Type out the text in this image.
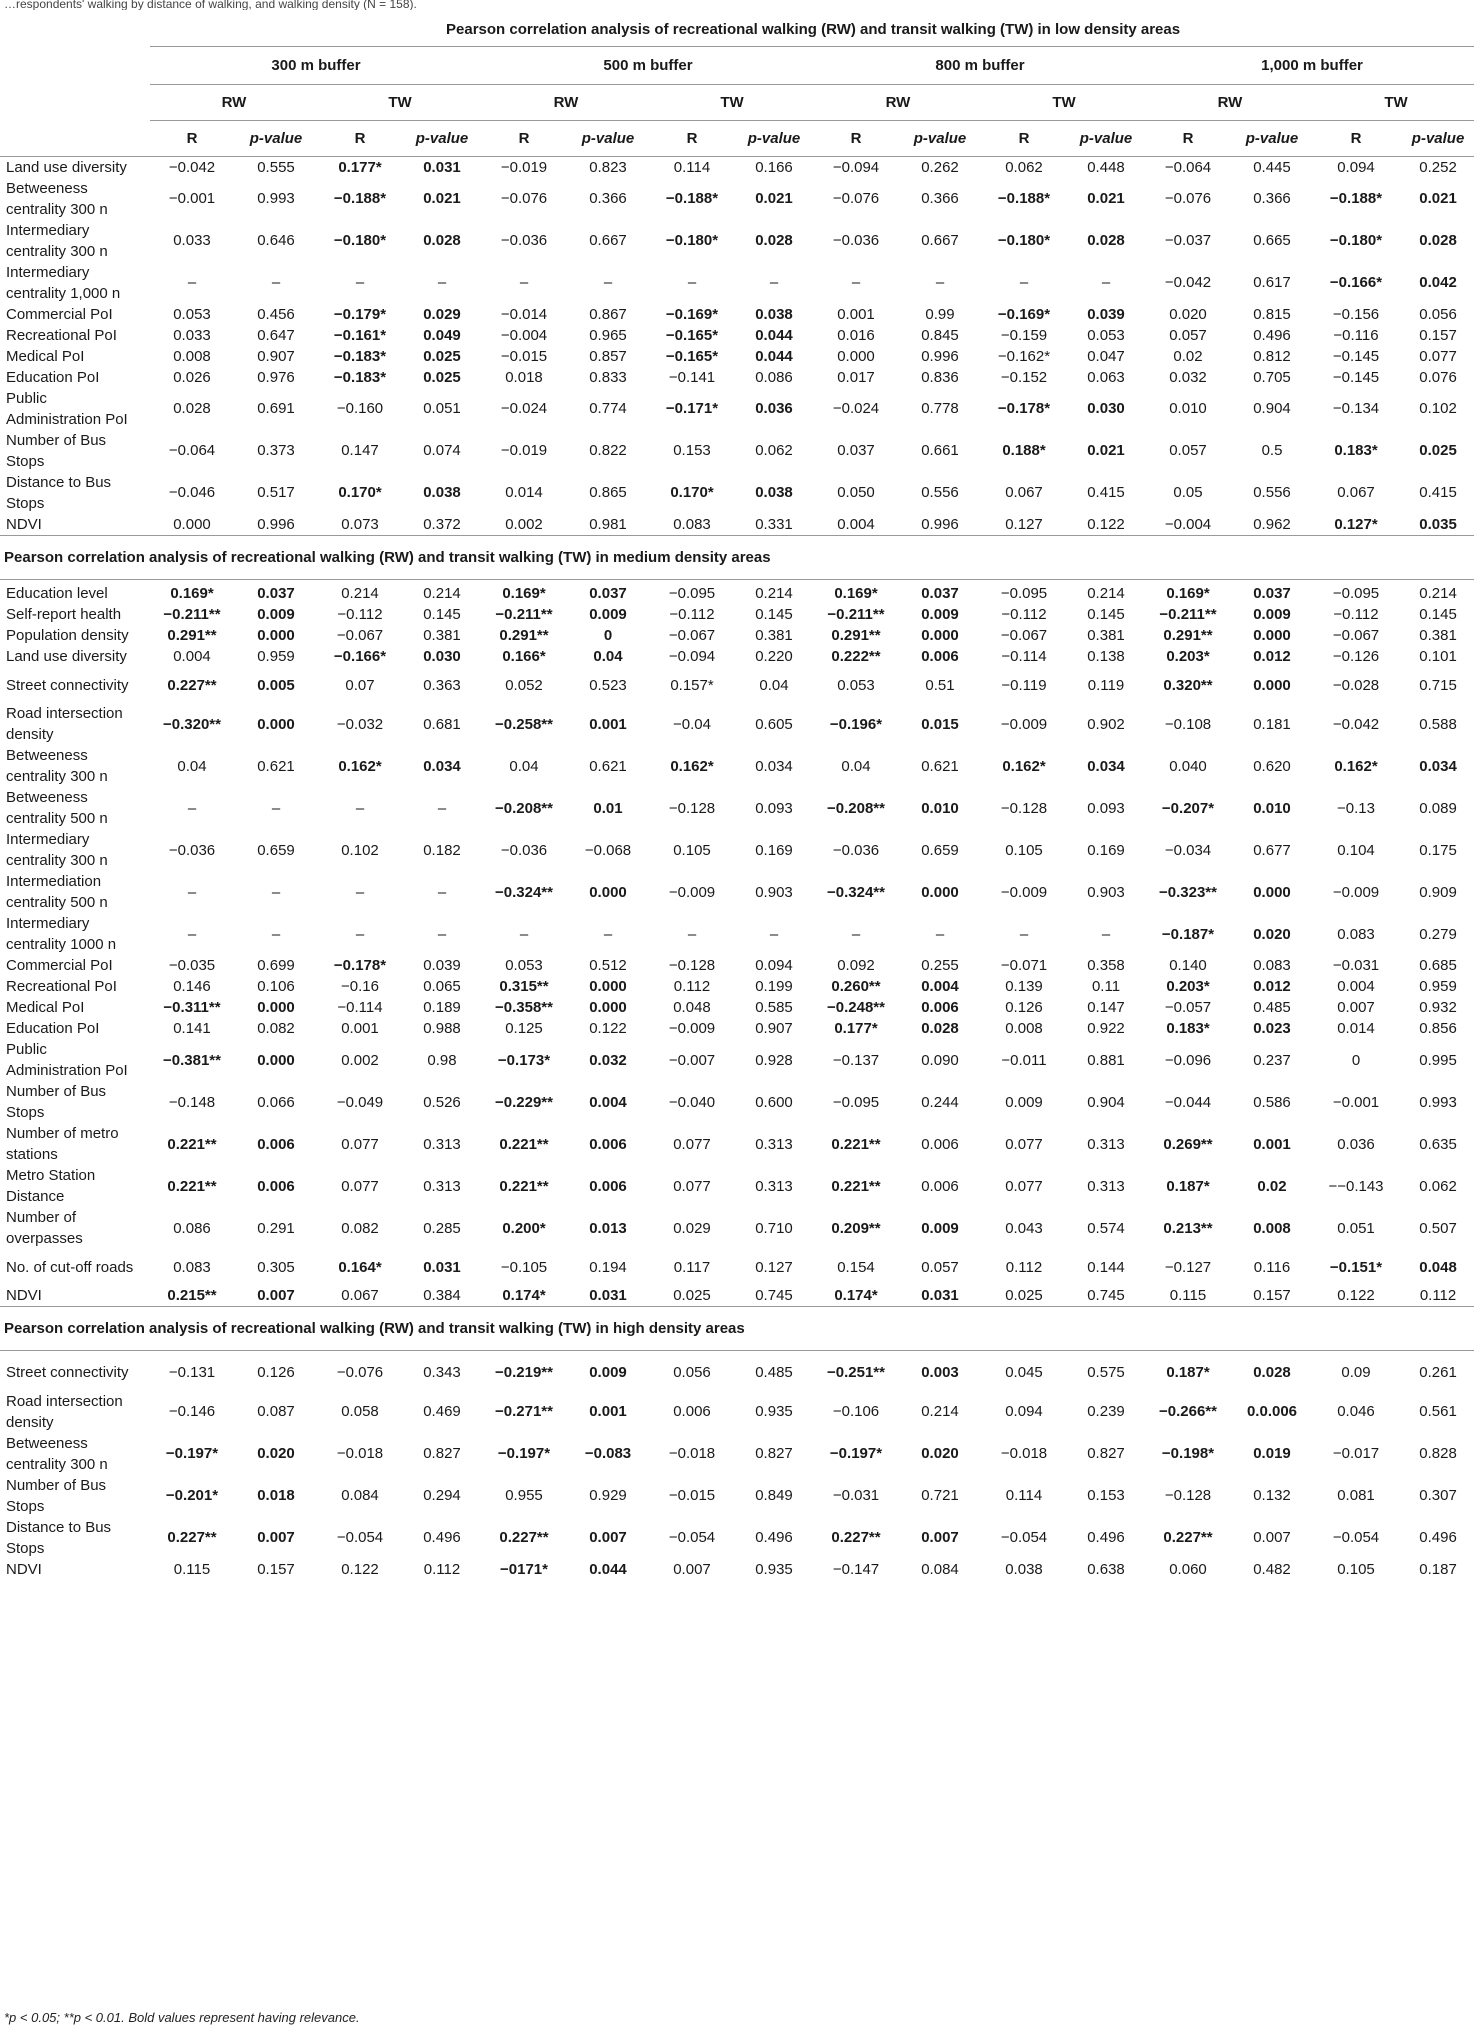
…respondents' walking by distance of walking, and walking density (N = 158).
	Pearson correlation analysis of recreational walking (RW) and transit walking (TW) in low density areas															
	300 m buffer				500 m buffer				800 m buffer				1,000 m buffer			
	RW		TW		RW		TW		RW		TW		RW		TW	
	R	p-value	R	p-value	R	p-value	R	p-value	R	p-value	R	p-value	R	p-value	R	p-value
Land use diversity	−0.042	0.555	0.177*	0.031	−0.019	0.823	0.114	0.166	−0.094	0.262	0.062	0.448	−0.064	0.445	0.094	0.252
Betweeness centrality 300 n	−0.001	0.993	−0.188*	0.021	−0.076	0.366	−0.188*	0.021	−0.076	0.366	−0.188*	0.021	−0.076	0.366	−0.188*	0.021
Intermediary centrality 300 n	0.033	0.646	−0.180*	0.028	−0.036	0.667	−0.180*	0.028	−0.036	0.667	−0.180*	0.028	−0.037	0.665	−0.180*	0.028
Intermediary centrality 1,000 n	–	–	–	–	–	–	–	–	–	–	–	–	−0.042	0.617	−0.166*	0.042
Commercial PoI	0.053	0.456	−0.179*	0.029	−0.014	0.867	−0.169*	0.038	0.001	0.99	−0.169*	0.039	0.020	0.815	−0.156	0.056
Recreational PoI	0.033	0.647	−0.161*	0.049	−0.004	0.965	−0.165*	0.044	0.016	0.845	−0.159	0.053	0.057	0.496	−0.116	0.157
Medical PoI	0.008	0.907	−0.183*	0.025	−0.015	0.857	−0.165*	0.044	0.000	0.996	−0.162*	0.047	0.02	0.812	−0.145	0.077
Education PoI	0.026	0.976	−0.183*	0.025	0.018	0.833	−0.141	0.086	0.017	0.836	−0.152	0.063	0.032	0.705	−0.145	0.076
Public Administration PoI	0.028	0.691	−0.160	0.051	−0.024	0.774	−0.171*	0.036	−0.024	0.778	−0.178*	0.030	0.010	0.904	−0.134	0.102
Number of Bus Stops	−0.064	0.373	0.147	0.074	−0.019	0.822	0.153	0.062	0.037	0.661	0.188*	0.021	0.057	0.5	0.183*	0.025
Distance to Bus Stops	−0.046	0.517	0.170*	0.038	0.014	0.865	0.170*	0.038	0.050	0.556	0.067	0.415	0.05	0.556	0.067	0.415
NDVI	0.000	0.996	0.073	0.372	0.002	0.981	0.083	0.331	0.004	0.996	0.127	0.122	−0.004	0.962	0.127*	0.035
Pearson correlation analysis of recreational walking (RW) and transit walking (TW) in medium density areas																

Education level	0.169*	0.037	0.214	0.214	0.169*	0.037	−0.095	0.214	0.169*	0.037	−0.095	0.214	0.169*	0.037	−0.095	0.214
Self-report health	−0.211**	0.009	−0.112	0.145	−0.211**	0.009	−0.112	0.145	−0.211**	0.009	−0.112	0.145	−0.211**	0.009	−0.112	0.145
Population density	0.291**	0.000	−0.067	0.381	0.291**	0	−0.067	0.381	0.291**	0.000	−0.067	0.381	0.291**	0.000	−0.067	0.381
Land use diversity	0.004	0.959	−0.166*	0.030	0.166*	0.04	−0.094	0.220	0.222**	0.006	−0.114	0.138	0.203*	0.012	−0.126	0.101
Street connectivity	0.227**	0.005	0.07	0.363	0.052	0.523	0.157*	0.04	0.053	0.51	−0.119	0.119	0.320**	0.000	−0.028	0.715
Road intersection density	−0.320**	0.000	−0.032	0.681	−0.258**	0.001	−0.04	0.605	−0.196*	0.015	−0.009	0.902	−0.108	0.181	−0.042	0.588
Betweeness centrality 300 n	0.04	0.621	0.162*	0.034	0.04	0.621	0.162*	0.034	0.04	0.621	0.162*	0.034	0.040	0.620	0.162*	0.034
Betweeness centrality 500 n	–	–	–	–	−0.208**	0.01	−0.128	0.093	−0.208**	0.010	−0.128	0.093	−0.207*	0.010	−0.13	0.089
Intermediary centrality 300 n	−0.036	0.659	0.102	0.182	−0.036	−0.068	0.105	0.169	−0.036	0.659	0.105	0.169	−0.034	0.677	0.104	0.175
Intermediation centrality 500 n	–	–	–	–	−0.324**	0.000	−0.009	0.903	−0.324**	0.000	−0.009	0.903	−0.323**	0.000	−0.009	0.909
Intermediary centrality 1000 n	–	–	–	–	–	–	–	–	–	–	–	–	−0.187*	0.020	0.083	0.279
Commercial PoI	−0.035	0.699	−0.178*	0.039	0.053	0.512	−0.128	0.094	0.092	0.255	−0.071	0.358	0.140	0.083	−0.031	0.685
Recreational PoI	0.146	0.106	−0.16	0.065	0.315**	0.000	0.112	0.199	0.260**	0.004	0.139	0.11	0.203*	0.012	0.004	0.959
Medical PoI	−0.311**	0.000	−0.114	0.189	−0.358**	0.000	0.048	0.585	−0.248**	0.006	0.126	0.147	−0.057	0.485	0.007	0.932
Education PoI	0.141	0.082	0.001	0.988	0.125	0.122	−0.009	0.907	0.177*	0.028	0.008	0.922	0.183*	0.023	0.014	0.856
Public Administration PoI	−0.381**	0.000	0.002	0.98	−0.173*	0.032	−0.007	0.928	−0.137	0.090	−0.011	0.881	−0.096	0.237	0	0.995
Number of Bus Stops	−0.148	0.066	−0.049	0.526	−0.229**	0.004	−0.040	0.600	−0.095	0.244	0.009	0.904	−0.044	0.586	−0.001	0.993
Number of metro stations	0.221**	0.006	0.077	0.313	0.221**	0.006	0.077	0.313	0.221**	0.006	0.077	0.313	0.269**	0.001	0.036	0.635
Metro Station Distance	0.221**	0.006	0.077	0.313	0.221**	0.006	0.077	0.313	0.221**	0.006	0.077	0.313	0.187*	0.02	−−0.143	0.062
Number of overpasses	0.086	0.291	0.082	0.285	0.200*	0.013	0.029	0.710	0.209**	0.009	0.043	0.574	0.213**	0.008	0.051	0.507
No. of cut-off roads	0.083	0.305	0.164*	0.031	−0.105	0.194	0.117	0.127	0.154	0.057	0.112	0.144	−0.127	0.116	−0.151*	0.048
NDVI	0.215**	0.007	0.067	0.384	0.174*	0.031	0.025	0.745	0.174*	0.031	0.025	0.745	0.115	0.157	0.122	0.112
Pearson correlation analysis of recreational walking (RW) and transit walking (TW) in high density areas																

Street connectivity	−0.131	0.126	−0.076	0.343	−0.219**	0.009	0.056	0.485	−0.251**	0.003	0.045	0.575	0.187*	0.028	0.09	0.261
Road intersection density	−0.146	0.087	0.058	0.469	−0.271**	0.001	0.006	0.935	−0.106	0.214	0.094	0.239	−0.266**	0.0.006	0.046	0.561
Betweeness centrality 300 n	−0.197*	0.020	−0.018	0.827	−0.197*	−0.083	−0.018	0.827	−0.197*	0.020	−0.018	0.827	−0.198*	0.019	−0.017	0.828
Number of Bus Stops	−0.201*	0.018	0.084	0.294	0.955	0.929	−0.015	0.849	−0.031	0.721	0.114	0.153	−0.128	0.132	0.081	0.307
Distance to Bus Stops	0.227**	0.007	−0.054	0.496	0.227**	0.007	−0.054	0.496	0.227**	0.007	−0.054	0.496	0.227**	0.007	−0.054	0.496
NDVI	0.115	0.157	0.122	0.112	−0171*	0.044	0.007	0.935	−0.147	0.084	0.038	0.638	0.060	0.482	0.105	0.187
*p < 0.05; **p < 0.01. Bold values represent having relevance.
